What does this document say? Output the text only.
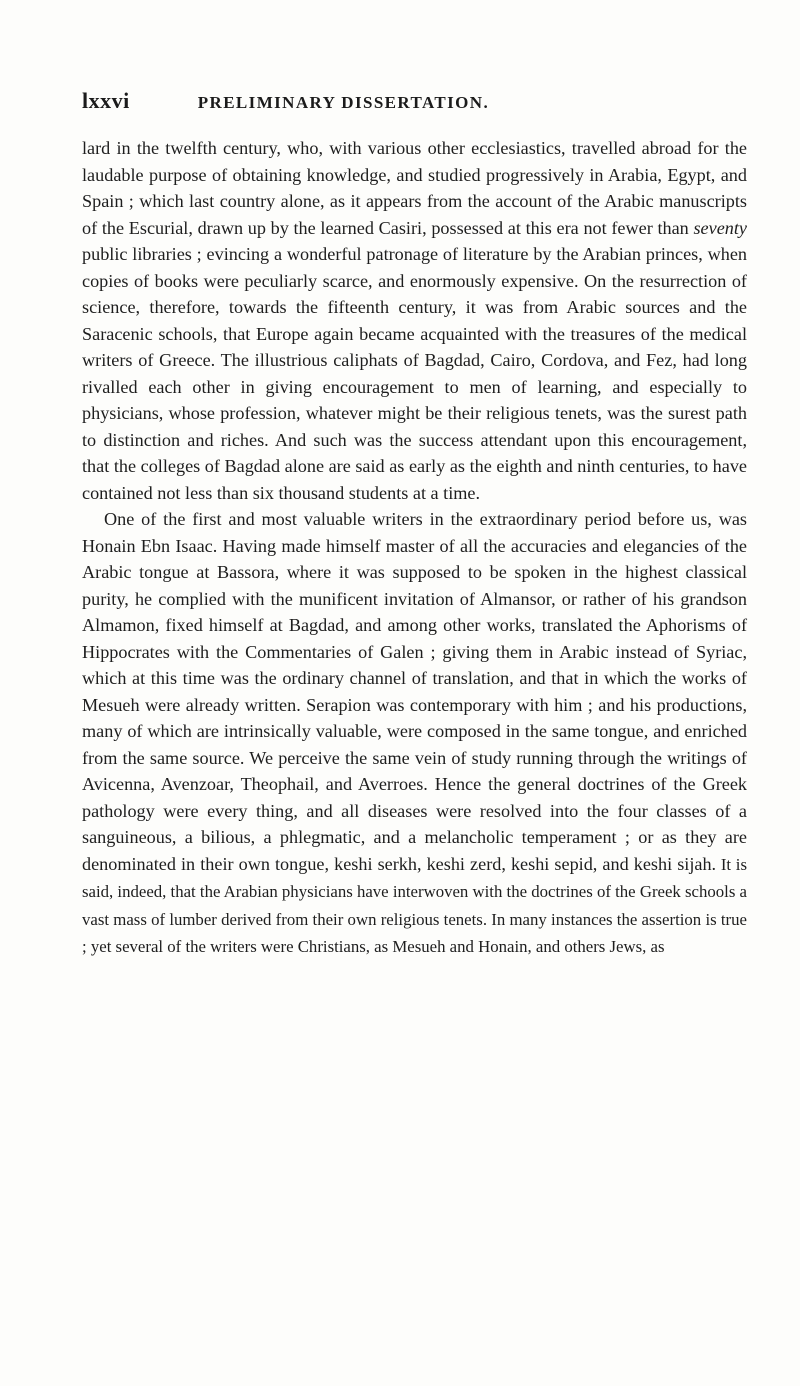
lxxvi	PRELIMINARY DISSERTATION.

lard in the twelfth century, who, with various other ecclesiastics, travelled abroad for the laudable purpose of obtaining knowledge, and studied progressively in Arabia, Egypt, and Spain ; which last country alone, as it appears from the account of the Arabic manuscripts of the Escurial, drawn up by the learned Casiri, possessed at this era not fewer than seventy public libraries ; evincing a wonderful patronage of literature by the Arabian princes, when copies of books were peculiarly scarce, and enormously expensive. On the resurrection of science, therefore, towards the fifteenth century, it was from Arabic sources and the Saracenic schools, that Europe again became acquainted with the treasures of the medical writers of Greece. The illustrious caliphats of Bagdad, Cairo, Cordova, and Fez, had long rivalled each other in giving encouragement to men of learning, and especially to physicians, whose profession, whatever might be their religious tenets, was the surest path to distinction and riches. And such was the success attendant upon this encouragement, that the colleges of Bagdad alone are said as early as the eighth and ninth centuries, to have contained not less than six thousand students at a time.

One of the first and most valuable writers in the extraordinary period before us, was Honain Ebn Isaac. Having made himself master of all the accuracies and elegancies of the Arabic tongue at Bassora, where it was supposed to be spoken in the highest classical purity, he complied with the munificent invitation of Almansor, or rather of his grandson Almamon, fixed himself at Bagdad, and among other works, translated the Aphorisms of Hippocrates with the Commentaries of Galen ; giving them in Arabic instead of Syriac, which at this time was the ordinary channel of translation, and that in which the works of Mesueh were already written. Serapion was contemporary with him ; and his productions, many of which are intrinsically valuable, were composed in the same tongue, and enriched from the same source. We perceive the same vein of study running through the writings of Avicenna, Avenzoar, Theophail, and Averroes. Hence the general doctrines of the Greek pathology were every thing, and all diseases were resolved into the four classes of a sanguineous, a bilious, a phlegmatic, and a melancholic temperament ; or as they are denominated in their own tongue, keshi serkh, keshi zerd, keshi sepid, and keshi sijah. It is said, indeed, that the Arabian physicians have interwoven with the doctrines of the Greek schools a vast mass of lumber derived from their own religious tenets. In many instances the assertion is true ; yet several of the writers were Christians, as Mesueh and Honain, and others Jews, as
